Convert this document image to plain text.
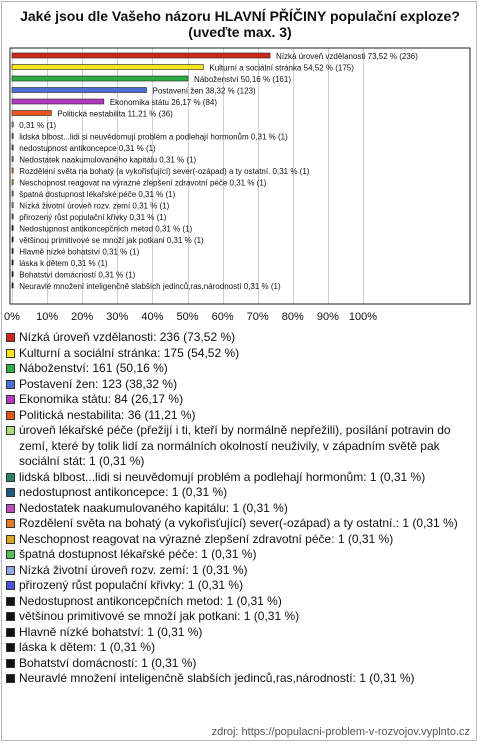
Jaké jsou dle Vašeho názoru HLAVNÍ PŘÍČINY populační exploze? (uveďte max. 3)
Nízká úroveň vzdělanosti 73,52 % (236)
Kulturní a sociální stránka 54,52 % (175)
Náboženství 50,16 % (161)
Postavení žen 38,32 % (123)
Ekonomika státu 26,17 % (84)
Politická nestabilita 11,21 % (36)
0,31 % (1)
lidská blbost...lidi si neuvědomují problém a podlehají hormonům 0,31 % (1)
nedostupnost antikoncepce 0,31 % (1)
Nedostatek naakumulovaného kapitálu 0,31 % (1)
Rozdělení světa na bohatý (a vykořisťující) sever(-ozápad) a ty ostatní. 0,31 % (1)
Neschopnost reagovat na výrazné zlepšení zdravotní péče 0,31 % (1)
špatná dostupnost lékařské péče 0,31 % (1)
Nízká životní úroveň rozv. zemí 0,31 % (1)
přirozený růst populační křivky 0,31 % (1)
Nedostupnost antikoncepčních metod 0,31 % (1)
většinou primitivové se množí jak potkani 0,31 % (1)
Hlavně nízké bohatství 0,31 % (1)
láska k dětem 0,31 % (1)
Bohatství domácností 0,31 % (1)
Neuravlé množení inteligenčně slabších jedinců,ras,národností 0,31 % (1)
0% 10% 20% 30% 40% 50% 60% 70% 80% 90% 100%
Nízká úroveň vzdělanosti: 236 (73,52 %)
Kulturní a sociální stránka: 175 (54,52 %)
Náboženství: 161 (50,16 %)
Postavení žen: 123 (38,32 %)
Ekonomika státu: 84 (26,17 %)
Politická nestabilita: 36 (11,21 %)
úroveň lékařské péče (přežijí i ti, kteří by normálně nepřežili), posílání potravin do zemí, které by tolik lidí za normálních okolností neuživily, v západním světě pak sociální stát: 1 (0,31 %)
lidská blbost...lidi si neuvědomují problém a podlehají hormonům: 1 (0,31 %)
nedostupnost antikoncepce: 1 (0,31 %)
Nedostatek naakumulovaného kapitálu: 1 (0,31 %)
Rozdělení světa na bohatý (a vykořisťující) sever(-ozápad) a ty ostatní.: 1 (0,31 %)
Neschopnost reagovat na výrazné zlepšení zdravotní péče: 1 (0,31 %)
špatná dostupnost lékařské péče: 1 (0,31 %)
Nízká životní úroveň rozv. zemí: 1 (0,31 %)
přirozený růst populační křivky: 1 (0,31 %)
Nedostupnost antikoncepčních metod: 1 (0,31 %)
většinou primitivové se množí jak potkani: 1 (0,31 %)
Hlavně nízké bohatství: 1 (0,31 %)
láska k dětem: 1 (0,31 %)
Bohatství domácností: 1 (0,31 %)
Neuravlé množení inteligenčně slabších jedinců,ras,národností: 1 (0,31 %)
zdroj: https://populacni-problem-v-rozvojov.vyplnto.cz
